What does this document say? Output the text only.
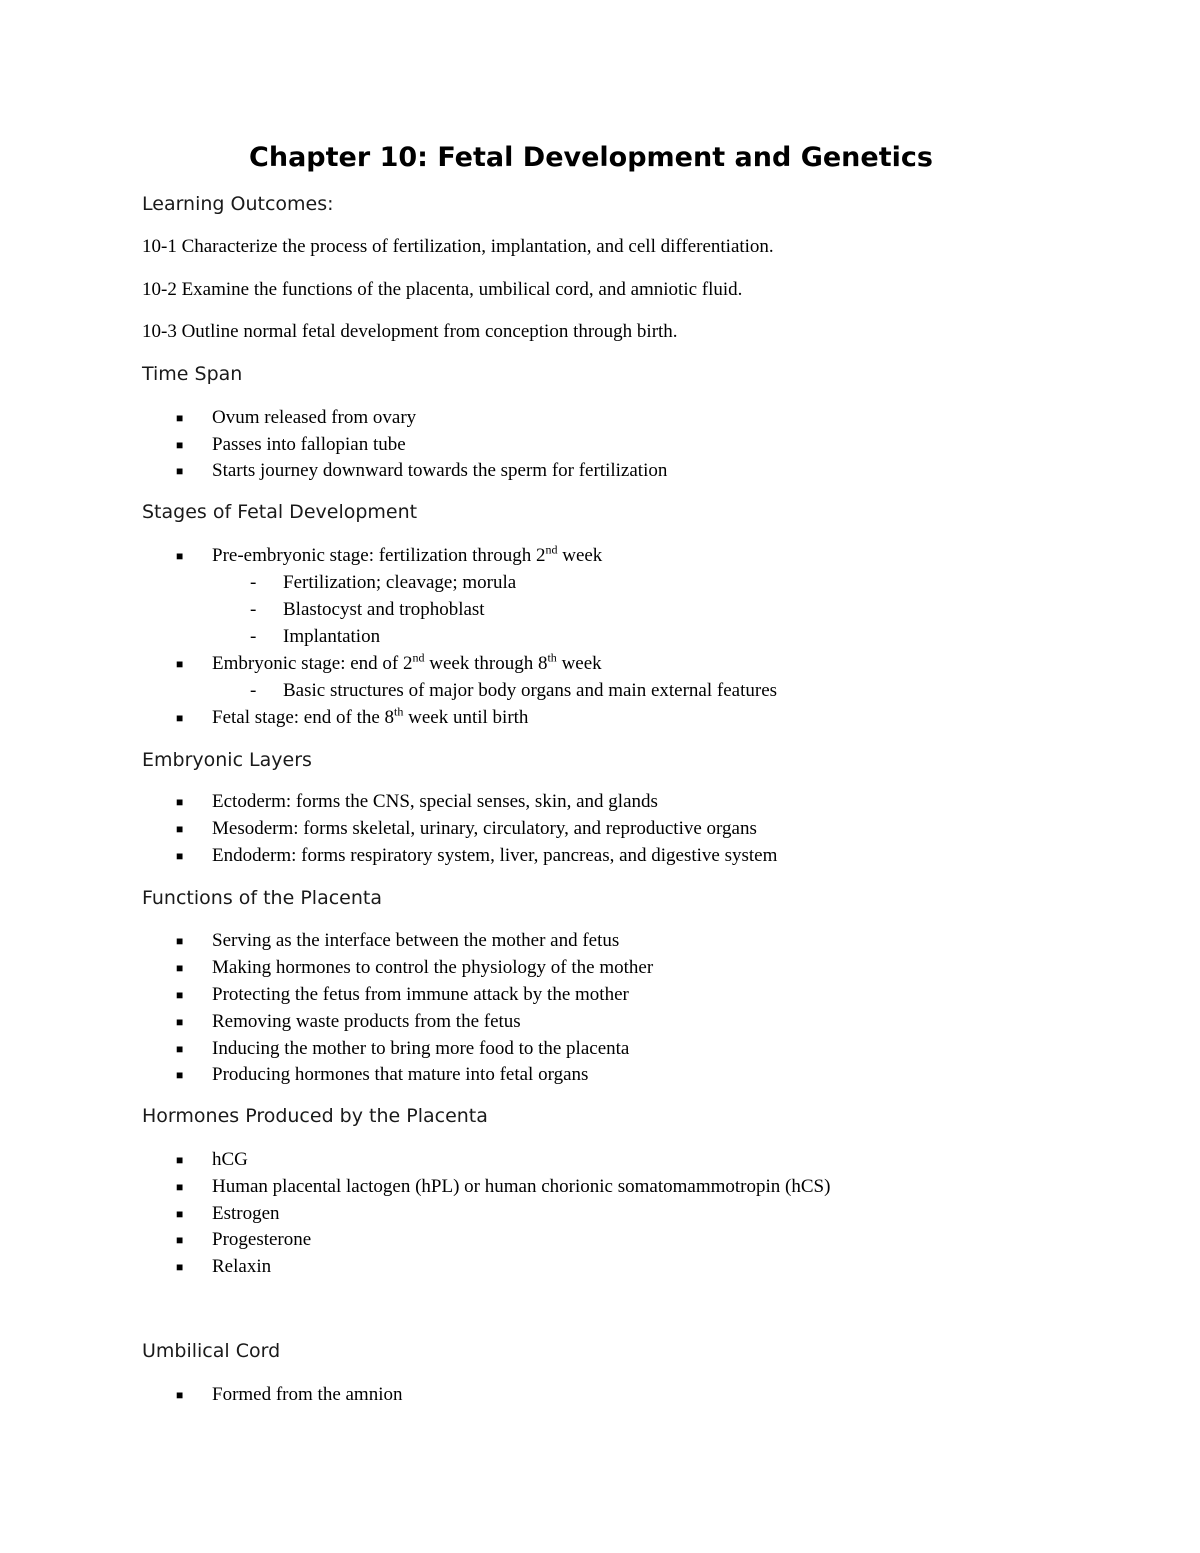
Chapter 10: Fetal Development and Genetics
Learning Outcomes:
10-1 Characterize the process of fertilization, implantation, and cell differentiation.
10-2 Examine the functions of the placenta, umbilical cord, and amniotic fluid.
10-3 Outline normal fetal development from conception through birth.
Time Span
■ Ovum released from ovary
■ Passes into fallopian tube
■ Starts journey downward towards the sperm for fertilization
Stages of Fetal Development
■ Pre-embryonic stage: fertilization through 2nd week
- Fertilization; cleavage; morula
- Blastocyst and trophoblast
- Implantation
■ Embryonic stage: end of 2nd week through 8th week
- Basic structures of major body organs and main external features
■ Fetal stage: end of the 8th week until birth
Embryonic Layers
■ Ectoderm: forms the CNS, special senses, skin, and glands
■ Mesoderm: forms skeletal, urinary, circulatory, and reproductive organs
■ Endoderm: forms respiratory system, liver, pancreas, and digestive system
Functions of the Placenta
■ Serving as the interface between the mother and fetus
■ Making hormones to control the physiology of the mother
■ Protecting the fetus from immune attack by the mother
■ Removing waste products from the fetus
■ Inducing the mother to bring more food to the placenta
■ Producing hormones that mature into fetal organs
Hormones Produced by the Placenta
■ hCG
■ Human placental lactogen (hPL) or human chorionic somatomammotropin (hCS)
■ Estrogen
■ Progesterone
■ Relaxin
Umbilical Cord
■ Formed from the amnion
